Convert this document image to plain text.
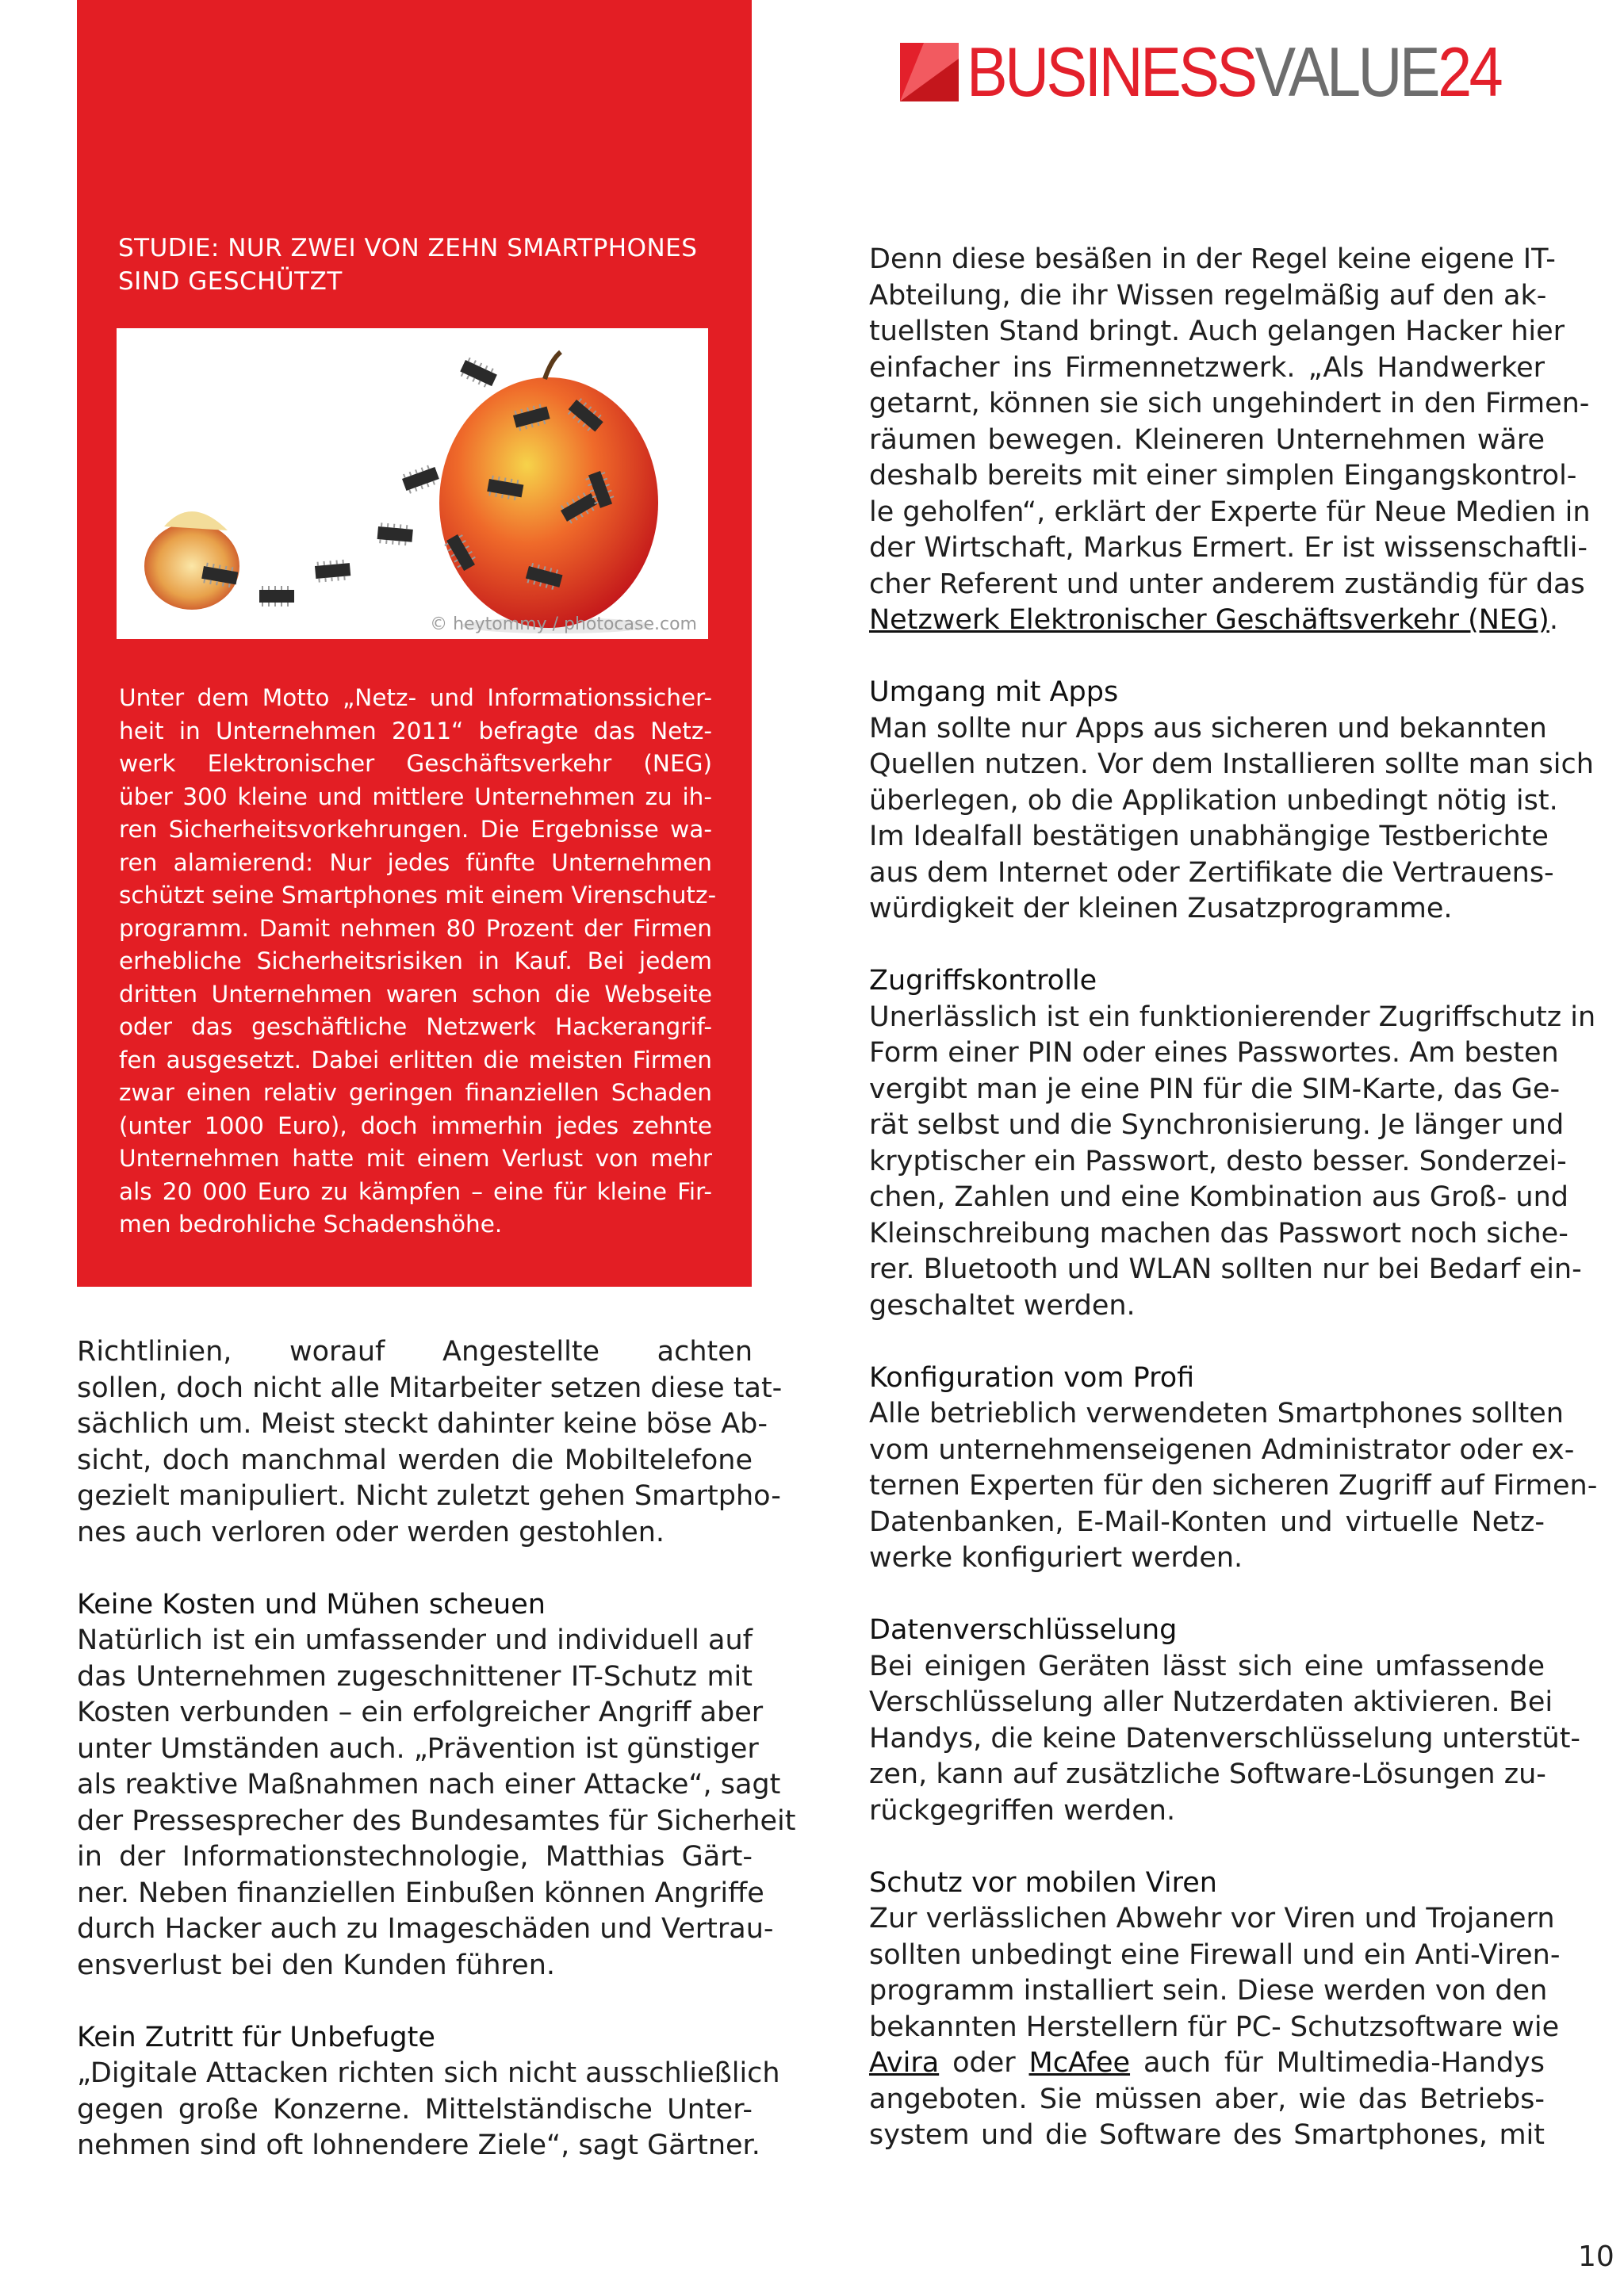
BUSINESSVALUE24
STUDIE: NUR ZWEI VON ZEHN SMARTPHONES
SIND GESCHÜTZT
© heytommy / photocase.com
Unter dem Motto „Netz- und Informationssicher-
heit in Unternehmen 2011“ befragte das Netz-
werk Elektronischer Geschäftsverkehr (NEG)
über 300 kleine und mittlere Unternehmen zu ih-
ren Sicherheitsvorkehrungen. Die Ergebnisse wa-
ren alamierend: Nur jedes fünfte Unternehmen
schützt seine Smartphones mit einem Virenschutz-
programm. Damit nehmen 80 Prozent der Firmen
erhebliche Sicherheitsrisiken in Kauf. Bei jedem
dritten Unternehmen waren schon die Webseite
oder das geschäftliche Netzwerk Hackerangrif-
fen ausgesetzt. Dabei erlitten die meisten Firmen
zwar einen relativ geringen finanziellen Schaden
(unter 1000 Euro), doch immerhin jedes zehnte
Unternehmen hatte mit einem Verlust von mehr
als 20 000 Euro zu kämpfen – eine für kleine Fir-
men bedrohliche Schadenshöhe.
Richtlinien, worauf Angestellte achten
sollen, doch nicht alle Mitarbeiter setzen diese tat-
sächlich um. Meist steckt dahinter keine böse Ab-
sicht, doch manchmal werden die Mobiltelefone
gezielt manipuliert. Nicht zuletzt gehen Smartpho-
nes auch verloren oder werden gestohlen.
Keine Kosten und Mühen scheuen
Natürlich ist ein umfassender und individuell auf
das Unternehmen zugeschnittener IT-Schutz mit
Kosten verbunden – ein erfolgreicher Angriff aber
unter Umständen auch. „Prävention ist günstiger
als reaktive Maßnahmen nach einer Attacke“, sagt
der Pressesprecher des Bundesamtes für Sicherheit
in der Informationstechnologie, Matthias Gärt-
ner. Neben finanziellen Einbußen können Angriffe
durch Hacker auch zu Imageschäden und Vertrau-
ensverlust bei den Kunden führen.
Kein Zutritt für Unbefugte
„Digitale Attacken richten sich nicht ausschließlich
gegen große Konzerne. Mittelständische Unter-
nehmen sind oft lohnendere Ziele“, sagt Gärtner.
Denn diese besäßen in der Regel keine eigene IT-
Abteilung, die ihr Wissen regelmäßig auf den ak-
tuellsten Stand bringt. Auch gelangen Hacker hier
einfacher ins Firmennetzwerk. „Als Handwerker
getarnt, können sie sich ungehindert in den Firmen-
räumen bewegen. Kleineren Unternehmen wäre
deshalb bereits mit einer simplen Eingangskontrol-
le geholfen“, erklärt der Experte für Neue Medien in
der Wirtschaft, Markus Ermert. Er ist wissenschaftli-
cher Referent und unter anderem zuständig für das
Netzwerk Elektronischer Geschäftsverkehr (NEG).
Umgang mit Apps
Man sollte nur Apps aus sicheren und bekannten
Quellen nutzen. Vor dem Installieren sollte man sich
überlegen, ob die Applikation unbedingt nötig ist.
Im Idealfall bestätigen unabhängige Testberichte
aus dem Internet oder Zertifikate die Vertrauens-
würdigkeit der kleinen Zusatzprogramme.
Zugriffskontrolle
Unerlässlich ist ein funktionierender Zugriffschutz in
Form einer PIN oder eines Passwortes. Am besten
vergibt man je eine PIN für die SIM-Karte, das Ge-
rät selbst und die Synchronisierung. Je länger und
kryptischer ein Passwort, desto besser. Sonderzei-
chen, Zahlen und eine Kombination aus Groß- und
Kleinschreibung machen das Passwort noch siche-
rer. Bluetooth und WLAN sollten nur bei Bedarf ein-
geschaltet werden.
Konfiguration vom Profi
Alle betrieblich verwendeten Smartphones sollten
vom unternehmenseigenen Administrator oder ex-
ternen Experten für den sicheren Zugriff auf Firmen-
Datenbanken, E-Mail-Konten und virtuelle Netz-
werke konfiguriert werden.
Datenverschlüsselung
Bei einigen Geräten lässt sich eine umfassende
Verschlüsselung aller Nutzerdaten aktivieren. Bei
Handys, die keine Datenverschlüsselung unterstüt-
zen, kann auf zusätzliche Software-Lösungen zu-
rückgegriffen werden.
Schutz vor mobilen Viren
Zur verlässlichen Abwehr vor Viren und Trojanern
sollten unbedingt eine Firewall und ein Anti-Viren-
programm installiert sein. Diese werden von den
bekannten Herstellern für PC- Schutzsoftware wie
Avira oder McAfee auch für Multimedia-Handys
angeboten. Sie müssen aber, wie das Betriebs-
system und die Software des Smartphones, mit
10
